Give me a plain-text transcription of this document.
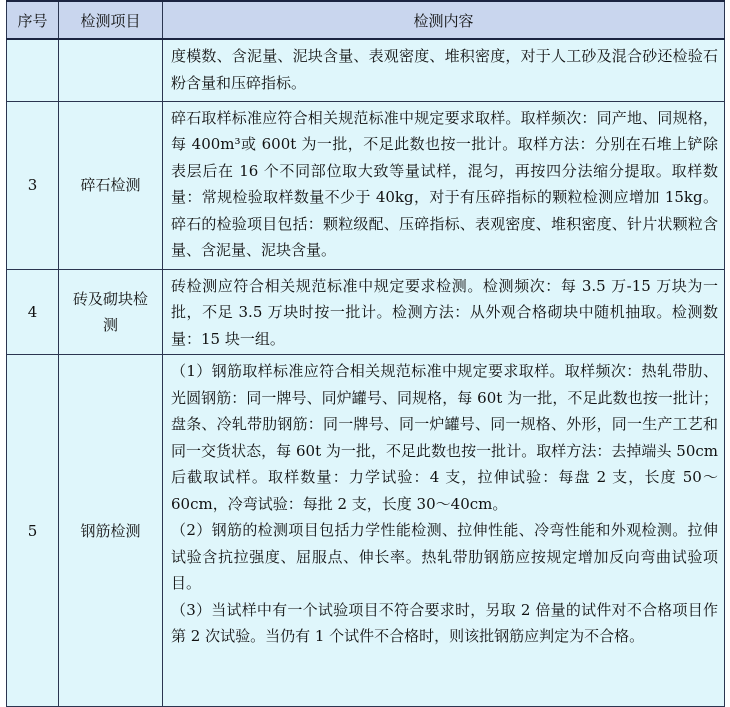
序号	检测项目	检测内容

		度模数、含泥量、泥块含量、表观密度、堆积密度，对于人工砂及混合砂还检验石粉含量和压碎指标。

3	碎石检测	碎石取样标准应符合相关规范标准中规定要求取样。取样频次：同产地、同规格，每 400m³或 600t 为一批，不足此数也按一批计。取样方法：分别在石堆上铲除表层后在 16 个不同部位取大致等量试样，混匀，再按四分法缩分提取。取样数量：常规检验取样数量不少于 40kg，对于有压碎指标的颗粒检测应增加 15kg。碎石的检验项目包括：颗粒级配、压碎指标、表观密度、堆积密度、针片状颗粒含量、含泥量、泥块含量。

4	砖及砌块检测	砖检测应符合相关规范标准中规定要求检测。检测频次：每 3.5 万-15 万块为一批，不足 3.5 万块时按一批计。检测方法：从外观合格砌块中随机抽取。检测数量：15 块一组。

5	钢筋检测	（1）钢筋取样标准应符合相关规范标准中规定要求取样。取样频次：热轧带肋、光圆钢筋：同一牌号、同炉罐号、同规格，每 60t 为一批，不足此数也按一批计；盘条、冷轧带肋钢筋：同一牌号、同一炉罐号、同一规格、外形，同一生产工艺和同一交货状态，每 60t 为一批，不足此数也按一批计。取样方法：去掉端头 50cm 后截取试样。取样数量：力学试验：4 支，拉伸试验：每盘 2 支，长度 50～60cm，冷弯试验：每批 2 支，长度 30～40cm。
（2）钢筋的检测项目包括力学性能检测、拉伸性能、冷弯性能和外观检测。拉伸试验含抗拉强度、屈服点、伸长率。热轧带肋钢筋应按规定增加反向弯曲试验项目。
（3）当试样中有一个试验项目不符合要求时，另取 2 倍量的试件对不合格项目作第 2 次试验。当仍有 1 个试件不合格时，则该批钢筋应判定为不合格。
